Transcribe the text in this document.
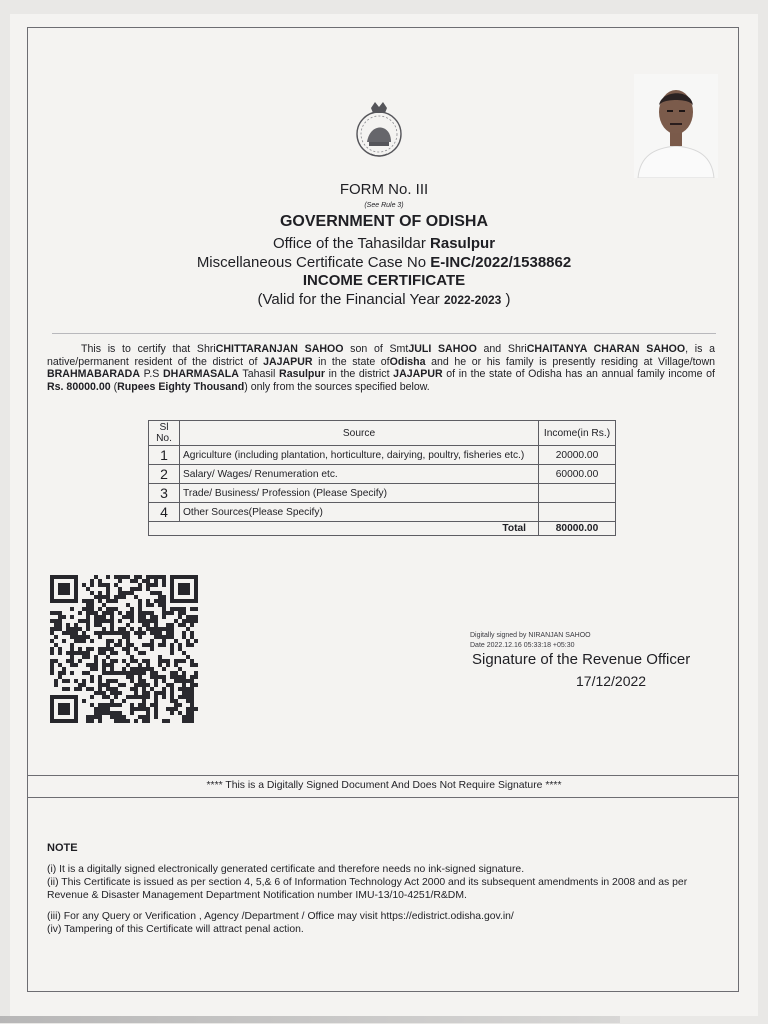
FORM No. III
(See Rule 3)
GOVERNMENT OF ODISHA
Office of the Tahasildar Rasulpur
Miscellaneous Certificate Case No E-INC/2022/1538862
INCOME CERTIFICATE
(Valid for the Financial Year 2022-2023 )
This is to certify that ShriCHITTARANJAN SAHOO son of SmtJULI SAHOO and ShriCHAITANYA CHARAN SAHOO, is a native/permanent resident of the district of JAJAPUR in the state ofOdisha and he or his family is presently residing at Village/town BRAHMABARADA P.S DHARMASALA Tahasil Rasulpur in the district JAJAPUR of in the state of Odisha has an annual family income of Rs. 80000.00 (Rupees Eighty Thousand) only from the sources specified below.
Sl No.	Source	Income(in Rs.)
1	Agriculture (including plantation, horticulture, dairying, poultry, fisheries etc.)	20000.00
2	Salary/ Wages/ Renumeration etc.	60000.00
3	Trade/ Business/ Profession (Please Specify)	
4	Other Sources(Please Specify)	
Total		80000.00
Digitally signed by NIRANJAN SAHOO
Date 2022.12.16 05:33:18 +05:30
Signature of the Revenue Officer
17/12/2022
**** This is a Digitally Signed Document And Does Not Require Signature ****
NOTE
(i) It is a digitally signed electronically generated certificate and therefore needs no ink-signed signature.
(ii) This Certificate is issued as per section 4, 5,& 6 of Information Technology Act 2000 and its subsequent amendments in 2008 and as per Revenue & Disaster Management Department Notification number IMU-13/10-4251/R&DM.
(iii) For any Query or Verification , Agency /Department / Office may visit https://edistrict.odisha.gov.in/
(iv) Tampering of this Certificate will attract penal action.
